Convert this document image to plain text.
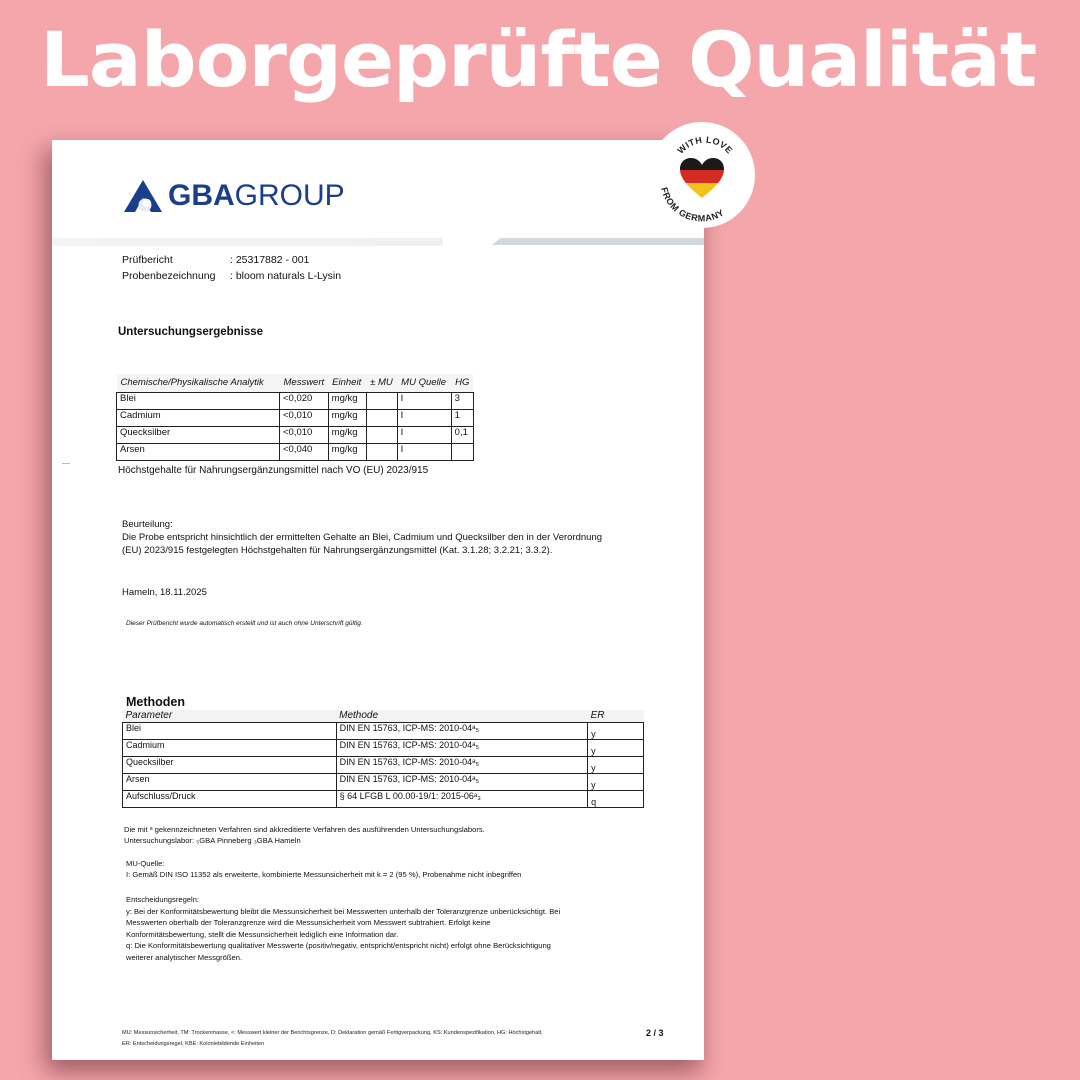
Laborgeprüfte Qualität
GBAGROUP
Prüfbericht	: 25317882 - 001
Probenbezeichnung	: bloom naturals L-Lysin
Untersuchungsergebnisse
Chemische/Physikalische Analytik	Messwert	Einheit	± MU	MU Quelle	HG
Blei	<0,020	mg/kg		I	3
Cadmium	<0,010	mg/kg		I	1
Quecksilber	<0,010	mg/kg		I	0,1
Arsen	<0,040	mg/kg		I	
Höchstgehalte für Nahrungsergänzungsmittel nach VO (EU) 2023/915
Beurteilung:
Die Probe entspricht hinsichtlich der ermittelten Gehalte an Blei, Cadmium und Quecksilber den in der Verordnung
(EU) 2023/915 festgelegten Höchstgehalten für Nahrungsergänzungsmittel (Kat. 3.1.28; 3.2.21; 3.3.2).
Hameln, 18.11.2025
Dieser Prüfbericht wurde automatisch erstellt und ist auch ohne Unterschrift gültig.
Methoden
Parameter	Methode	ER
Blei	DIN EN 15763, ICP-MS: 2010-04ᵃ₅	y
Cadmium	DIN EN 15763, ICP-MS: 2010-04ᵃ₅	y
Quecksilber	DIN EN 15763, ICP-MS: 2010-04ᵃ₅	y
Arsen	DIN EN 15763, ICP-MS: 2010-04ᵃ₅	y
Aufschluss/Druck	§ 64 LFGB L 00.00-19/1: 2015-06ᵃ₃	q
Die mit ᵃ gekennzeichneten Verfahren sind akkreditierte Verfahren des ausführenden Untersuchungslabors.
Untersuchungslabor: ₅GBA Pinneberg ₃GBA Hameln
MU-Quelle:
I: Gemäß DIN ISO 11352 als erweiterte, kombinierte Messunsicherheit mit k = 2 (95 %), Probenahme nicht inbegriffen
Entscheidungsregeln:
y: Bei der Konformitätsbewertung bleibt die Messunsicherheit bei Messwerten unterhalb der Toleranzgrenze unberücksichtigt. Bei
Messwerten oberhalb der Toleranzgrenze wird die Messunsicherheit vom Messwert subtrahiert. Erfolgt keine
Konformitätsbewertung, stellt die Messunsicherheit lediglich eine Information dar.
q: Die Konformitätsbewertung qualitativer Messwerte (positiv/negativ, entspricht/entspricht nicht) erfolgt ohne Berücksichtigung
weiterer analytischer Messgrößen.
MU: Messunsicherheit, TM: Trockenmasse, <: Messwert kleiner der Berichtsgrenze, D: Deklaration gemäß Fertigverpackung, KS: Kundenspezifikation, HG: Höchstgehalt,
ER: Entscheidungsregel, KBE: Koloniebildende Einheiten
2 / 3
WITH LOVE
FROM GERMANY
